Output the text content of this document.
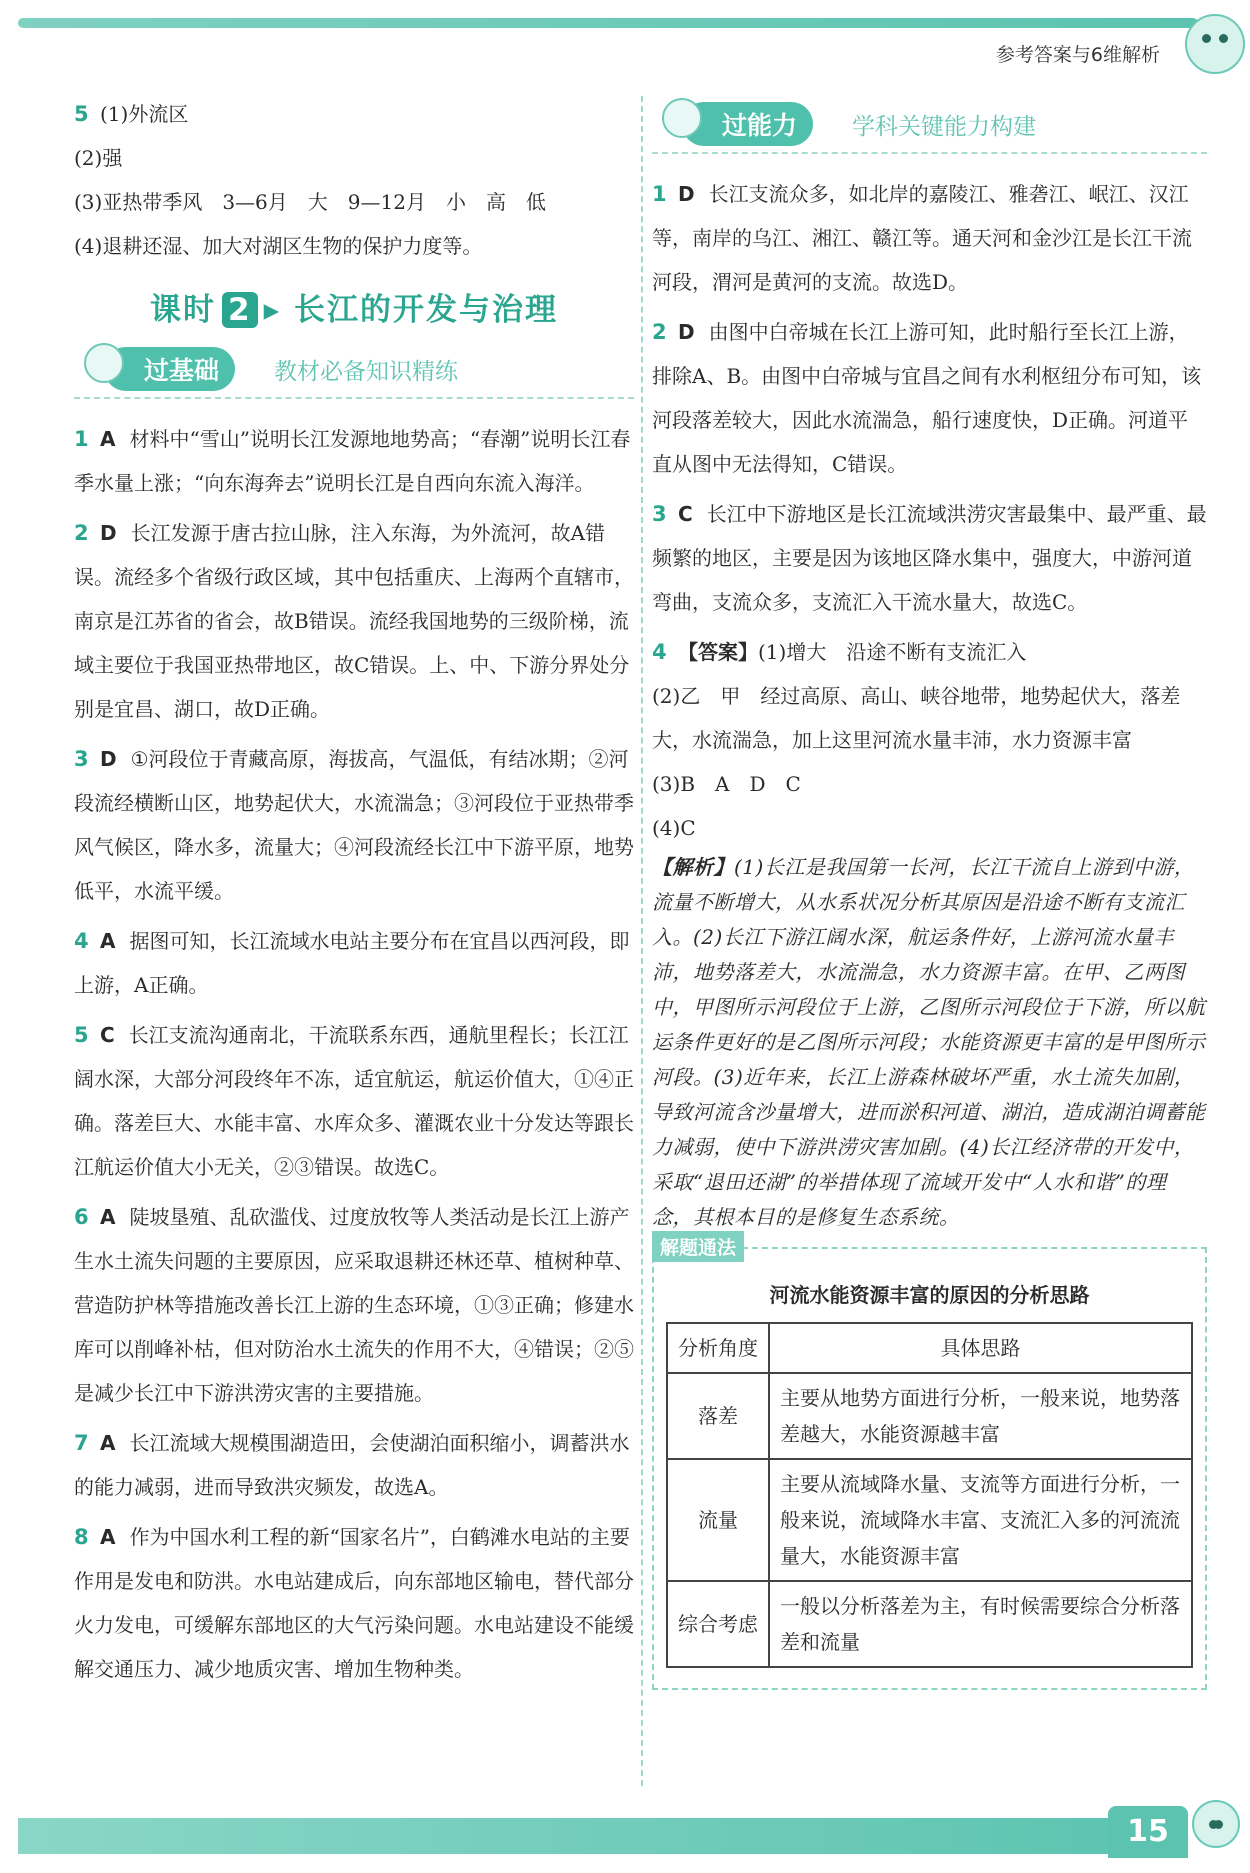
参考答案与6维解析

5 (1)外流区

(2)强

(3)亚热带季风　3—6月　大　9—12月　小　高　低

(4)退耕还湿、加大对湖区生物的保护力度等。

课时 2 ▸ 长江的开发与治理
过基础	教材必备知识精练

1 A 材料中“雪山”说明长江发源地地势高；“春潮”说明长江春季水量上涨；“向东海奔去”说明长江是自西向东流入海洋。

2 D 长江发源于唐古拉山脉，注入东海，为外流河，故A错误。流经多个省级行政区域，其中包括重庆、上海两个直辖市，南京是江苏省的省会，故B错误。流经我国地势的三级阶梯，流域主要位于我国亚热带地区，故C错误。上、中、下游分界处分别是宜昌、湖口，故D正确。

3 D ①河段位于青藏高原，海拔高，气温低，有结冰期；②河段流经横断山区，地势起伏大，水流湍急；③河段位于亚热带季风气候区，降水多，流量大；④河段流经长江中下游平原，地势低平，水流平缓。

4 A 据图可知，长江流域水电站主要分布在宜昌以西河段，即上游，A正确。

5 C 长江支流沟通南北，干流联系东西，通航里程长；长江江阔水深，大部分河段终年不冻，适宜航运，航运价值大，①④正确。落差巨大、水能丰富、水库众多、灌溉农业十分发达等跟长江航运价值大小无关，②③错误。故选C。

6 A 陡坡垦殖、乱砍滥伐、过度放牧等人类活动是长江上游产生水土流失问题的主要原因，应采取退耕还林还草、植树种草、营造防护林等措施改善长江上游的生态环境，①③正确；修建水库可以削峰补枯，但对防治水土流失的作用不大，④错误；②⑤是减少长江中下游洪涝灾害的主要措施。

7 A 长江流域大规模围湖造田，会使湖泊面积缩小，调蓄洪水的能力减弱，进而导致洪灾频发，故选A。

8 A 作为中国水利工程的新“国家名片”，白鹤滩水电站的主要作用是发电和防洪。水电站建成后，向东部地区输电，替代部分火力发电，可缓解东部地区的大气污染问题。水电站建设不能缓解交通压力、减少地质灾害、增加生物种类。

过能力	学科关键能力构建

1 D 长江支流众多，如北岸的嘉陵江、雅砻江、岷江、汉江等，南岸的乌江、湘江、赣江等。通天河和金沙江是长江干流河段，渭河是黄河的支流。故选D。

2 D 由图中白帝城在长江上游可知，此时船行至长江上游，排除A、B。由图中白帝城与宜昌之间有水利枢纽分布可知，该河段落差较大，因此水流湍急，船行速度快，D正确。河道平直从图中无法得知，C错误。

3 C 长江中下游地区是长江流域洪涝灾害最集中、最严重、最频繁的地区，主要是因为该地区降水集中，强度大，中游河道弯曲，支流众多，支流汇入干流水量大，故选C。

4 【答案】(1)增大　沿途不断有支流汇入

(2)乙　甲　经过高原、高山、峡谷地带，地势起伏大，落差大，水流湍急，加上这里河流水量丰沛，水力资源丰富

(3)B　A　D　C

(4)C

【解析】(1)长江是我国第一长河，长江干流自上游到中游，流量不断增大，从水系状况分析其原因是沿途不断有支流汇入。(2)长江下游江阔水深，航运条件好，上游河流水量丰沛，地势落差大，水流湍急，水力资源丰富。在甲、乙两图中，甲图所示河段位于上游，乙图所示河段位于下游，所以航运条件更好的是乙图所示河段；水能资源更丰富的是甲图所示河段。(3)近年来，长江上游森林破坏严重，水土流失加剧，导致河流含沙量增大，进而淤积河道、湖泊，造成湖泊调蓄能力减弱，使中下游洪涝灾害加剧。(4)长江经济带的开发中，采取“退田还湖”的举措体现了流域开发中“人水和谐”的理念，其根本目的是修复生态系统。

解题通法
河流水能资源丰富的原因的分析思路
分析角度	具体思路
落差	主要从地势方面进行分析，一般来说，地势落差越大，水能资源越丰富
流量	主要从流域降水量、支流等方面进行分析，一般来说，流域降水丰富、支流汇入多的河流流量大，水能资源丰富
综合考虑	一般以分析落差为主，有时候需要综合分析落差和流量
15
